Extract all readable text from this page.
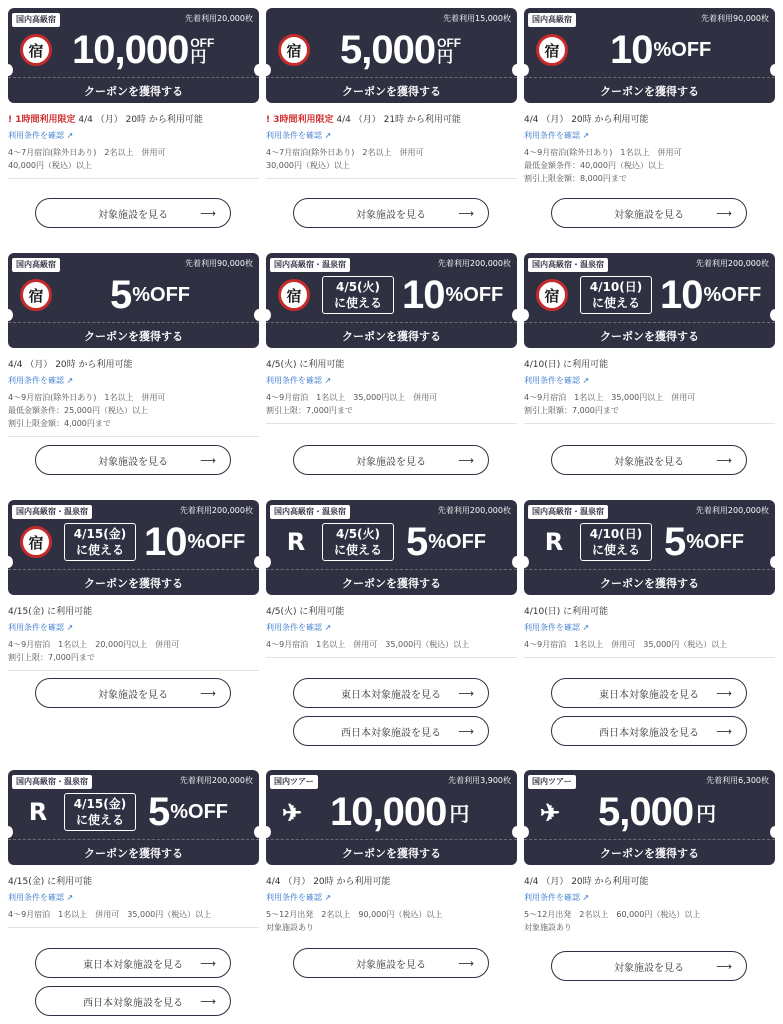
国内高級宿	先着利用20,000枚
宿 10,000 OFF
円
クーポンを獲得する
! 1時間利用限定 4/4 （月） 20時 から利用可能
利用条件を確認 ↗
4〜7月宿泊(除外日あり)　2名以上　併用可
40,000円（税込）以上
対象施設を見る	⟶
先着利用15,000枚
宿 5,000 OFF
円
クーポンを獲得する
! 3時間利用限定 4/4 （月） 21時 から利用可能
利用条件を確認 ↗
4〜7月宿泊(除外日あり)　2名以上　併用可
30,000円（税込）以上
対象施設を見る	⟶
国内高級宿	先着利用90,000枚
宿 10 %OFF
クーポンを獲得する
4/4 （月） 20時 から利用可能
利用条件を確認 ↗
4〜9月宿泊(除外日あり)　1名以上　併用可
最低金額条件：40,000円（税込）以上
割引上限金額：8,000円まで
対象施設を見る	⟶
国内高級宿	先着利用90,000枚
宿 5 %OFF
クーポンを獲得する
4/4 （月） 20時 から利用可能
利用条件を確認 ↗
4〜9月宿泊(除外日あり)　1名以上　併用可
最低金額条件：25,000円（税込）以上
割引上限金額：4,000円まで
対象施設を見る	⟶
国内高級宿・温泉宿	先着利用200,000枚
宿	4/5(火)
に使える 10 %OFF
クーポンを獲得する
4/5(火) に利用可能
利用条件を確認 ↗
4〜9月宿泊　1名以上　35,000円以上　併用可
割引上限：7,000円まで
対象施設を見る	⟶
国内高級宿・温泉宿	先着利用200,000枚
宿	4/10(日)
に使える 10 %OFF
クーポンを獲得する
4/10(日) に利用可能
利用条件を確認 ↗
4〜9月宿泊　1名以上　35,000円以上　併用可
割引上限額：7,000円まで
対象施設を見る	⟶
国内高級宿・温泉宿	先着利用200,000枚
宿	4/15(金)
に使える 10 %OFF
クーポンを獲得する
4/15(金) に利用可能
利用条件を確認 ↗
4〜9月宿泊　1名以上　20,000円以上　併用可
割引上限：7,000円まで
対象施設を見る	⟶
国内高級宿・温泉宿	先着利用200,000枚
R	4/5(火)
に使える 5 %OFF
クーポンを獲得する
4/5(火) に利用可能
利用条件を確認 ↗
4〜9月宿泊　1名以上　併用可　35,000円（税込）以上
東日本対象施設を見る ⟶
西日本対象施設を見る ⟶
国内高級宿・温泉宿	先着利用200,000枚
R	4/10(日)
に使える 5 %OFF
クーポンを獲得する
4/10(日) に利用可能
利用条件を確認 ↗
4〜9月宿泊　1名以上　併用可　35,000円（税込）以上
東日本対象施設を見る ⟶
西日本対象施設を見る ⟶
国内高級宿・温泉宿	先着利用200,000枚
R	4/15(金)
に使える 5 %OFF
クーポンを獲得する
4/15(金) に利用可能
利用条件を確認 ↗
4〜9月宿泊　1名以上　併用可　35,000円（税込）以上
東日本対象施設を見る ⟶
西日本対象施設を見る ⟶
国内ツアー	先着利用3,900枚
✈ 10,000 円
クーポンを獲得する
4/4 （月） 20時 から利用可能
利用条件を確認 ↗
5〜12月出発　2名以上　90,000円（税込）以上
対象施設あり
対象施設を見る	⟶
国内ツアー	先着利用6,300枚
✈ 5,000 円
クーポンを獲得する
4/4 （月） 20時 から利用可能
利用条件を確認 ↗
5〜12月出発　2名以上　60,000円（税込）以上
対象施設あり
対象施設を見る	⟶
